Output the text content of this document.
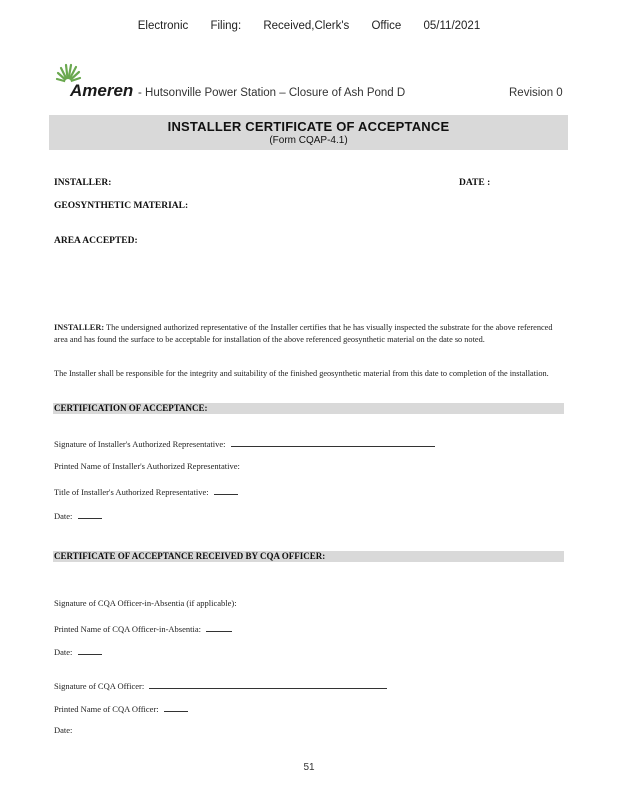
Electronic Filing: Received,Clerk's Office 05/11/2021
Ameren - Hutsonville Power Station – Closure of Ash Pond D	Revision 0
INSTALLER CERTIFICATE OF ACCEPTANCE
(Form CQAP-4.1)
INSTALLER:	DATE :
GEOSYNTHETIC MATERIAL:
AREA ACCEPTED:
INSTALLER: The undersigned authorized representative of the Installer certifies that he has visually inspected the substrate for the above referenced area and has found the surface to be acceptable for installation of the above referenced geosynthetic material on the date so noted.
The Installer shall be responsible for the integrity and suitability of the finished geosynthetic material from this date to completion of the installation.
CERTIFICATION OF ACCEPTANCE:
Signature of Installer's Authorized Representative:
Printed Name of Installer's Authorized Representative:
Title of Installer's Authorized Representative:
Date:
CERTIFICATE OF ACCEPTANCE RECEIVED BY CQA OFFICER:
Signature of CQA Officer-in-Absentia (if applicable):
Printed Name of CQA Officer-in-Absentia:
Date:
Signature of CQA Officer:
Printed Name of CQA Officer:
Date:
51
